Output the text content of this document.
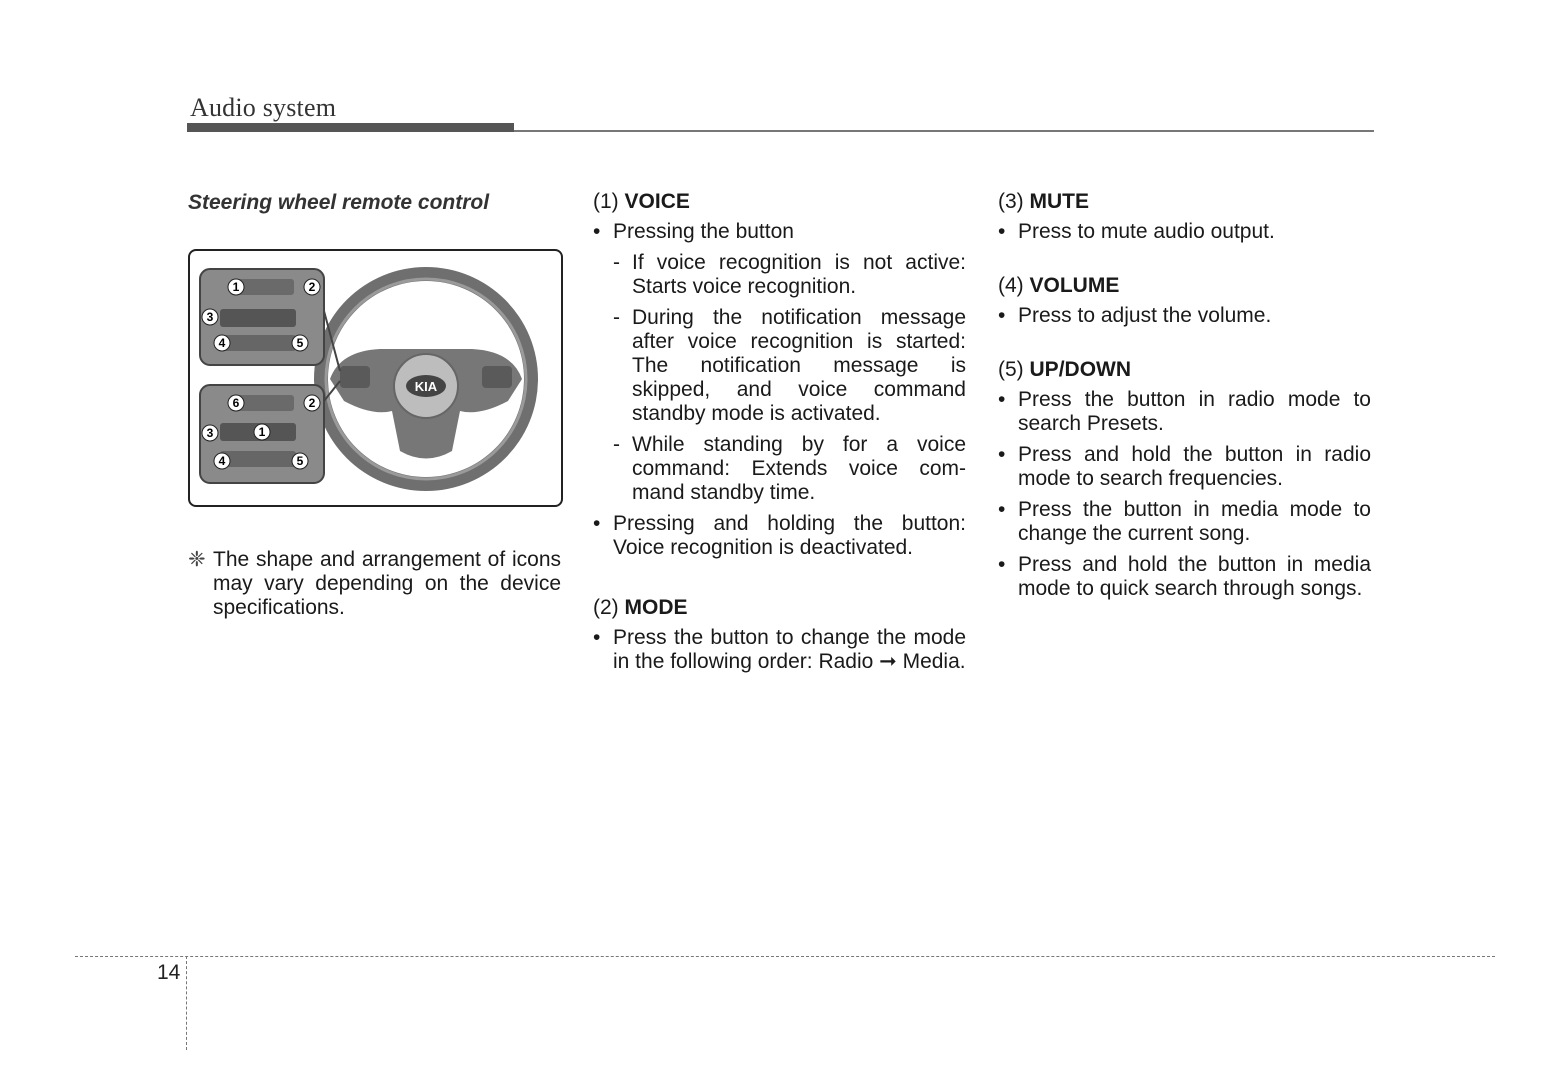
Audio system
Steering wheel remote control
KIA
1	2
3
4	5
6	2
3	1
4	5
❈ The shape and arrangement of icons may vary depending on the device specifications.
(1) VOICE
• Pressing the button
- If voice recognition is not active: Starts voice recognition.
- During the notification message after voice recognition is started: The notification message is skipped, and voice command standby mode is activated.
- While standing by for a voice command: Extends voice com-mand standby time.
• Pressing and holding the button: Voice recognition is deactivated.
(2) MODE
• Press the button to change the mode in the following order: Radio ➞ Media.
(3) MUTE
• Press to mute audio output.
(4) VOLUME
• Press to adjust the volume.
(5) UP/DOWN
• Press the button in radio mode to search Presets.
• Press and hold the button in radio mode to search frequencies.
• Press the button in media mode to change the current song.
• Press and hold the button in media mode to quick search through songs.
14
